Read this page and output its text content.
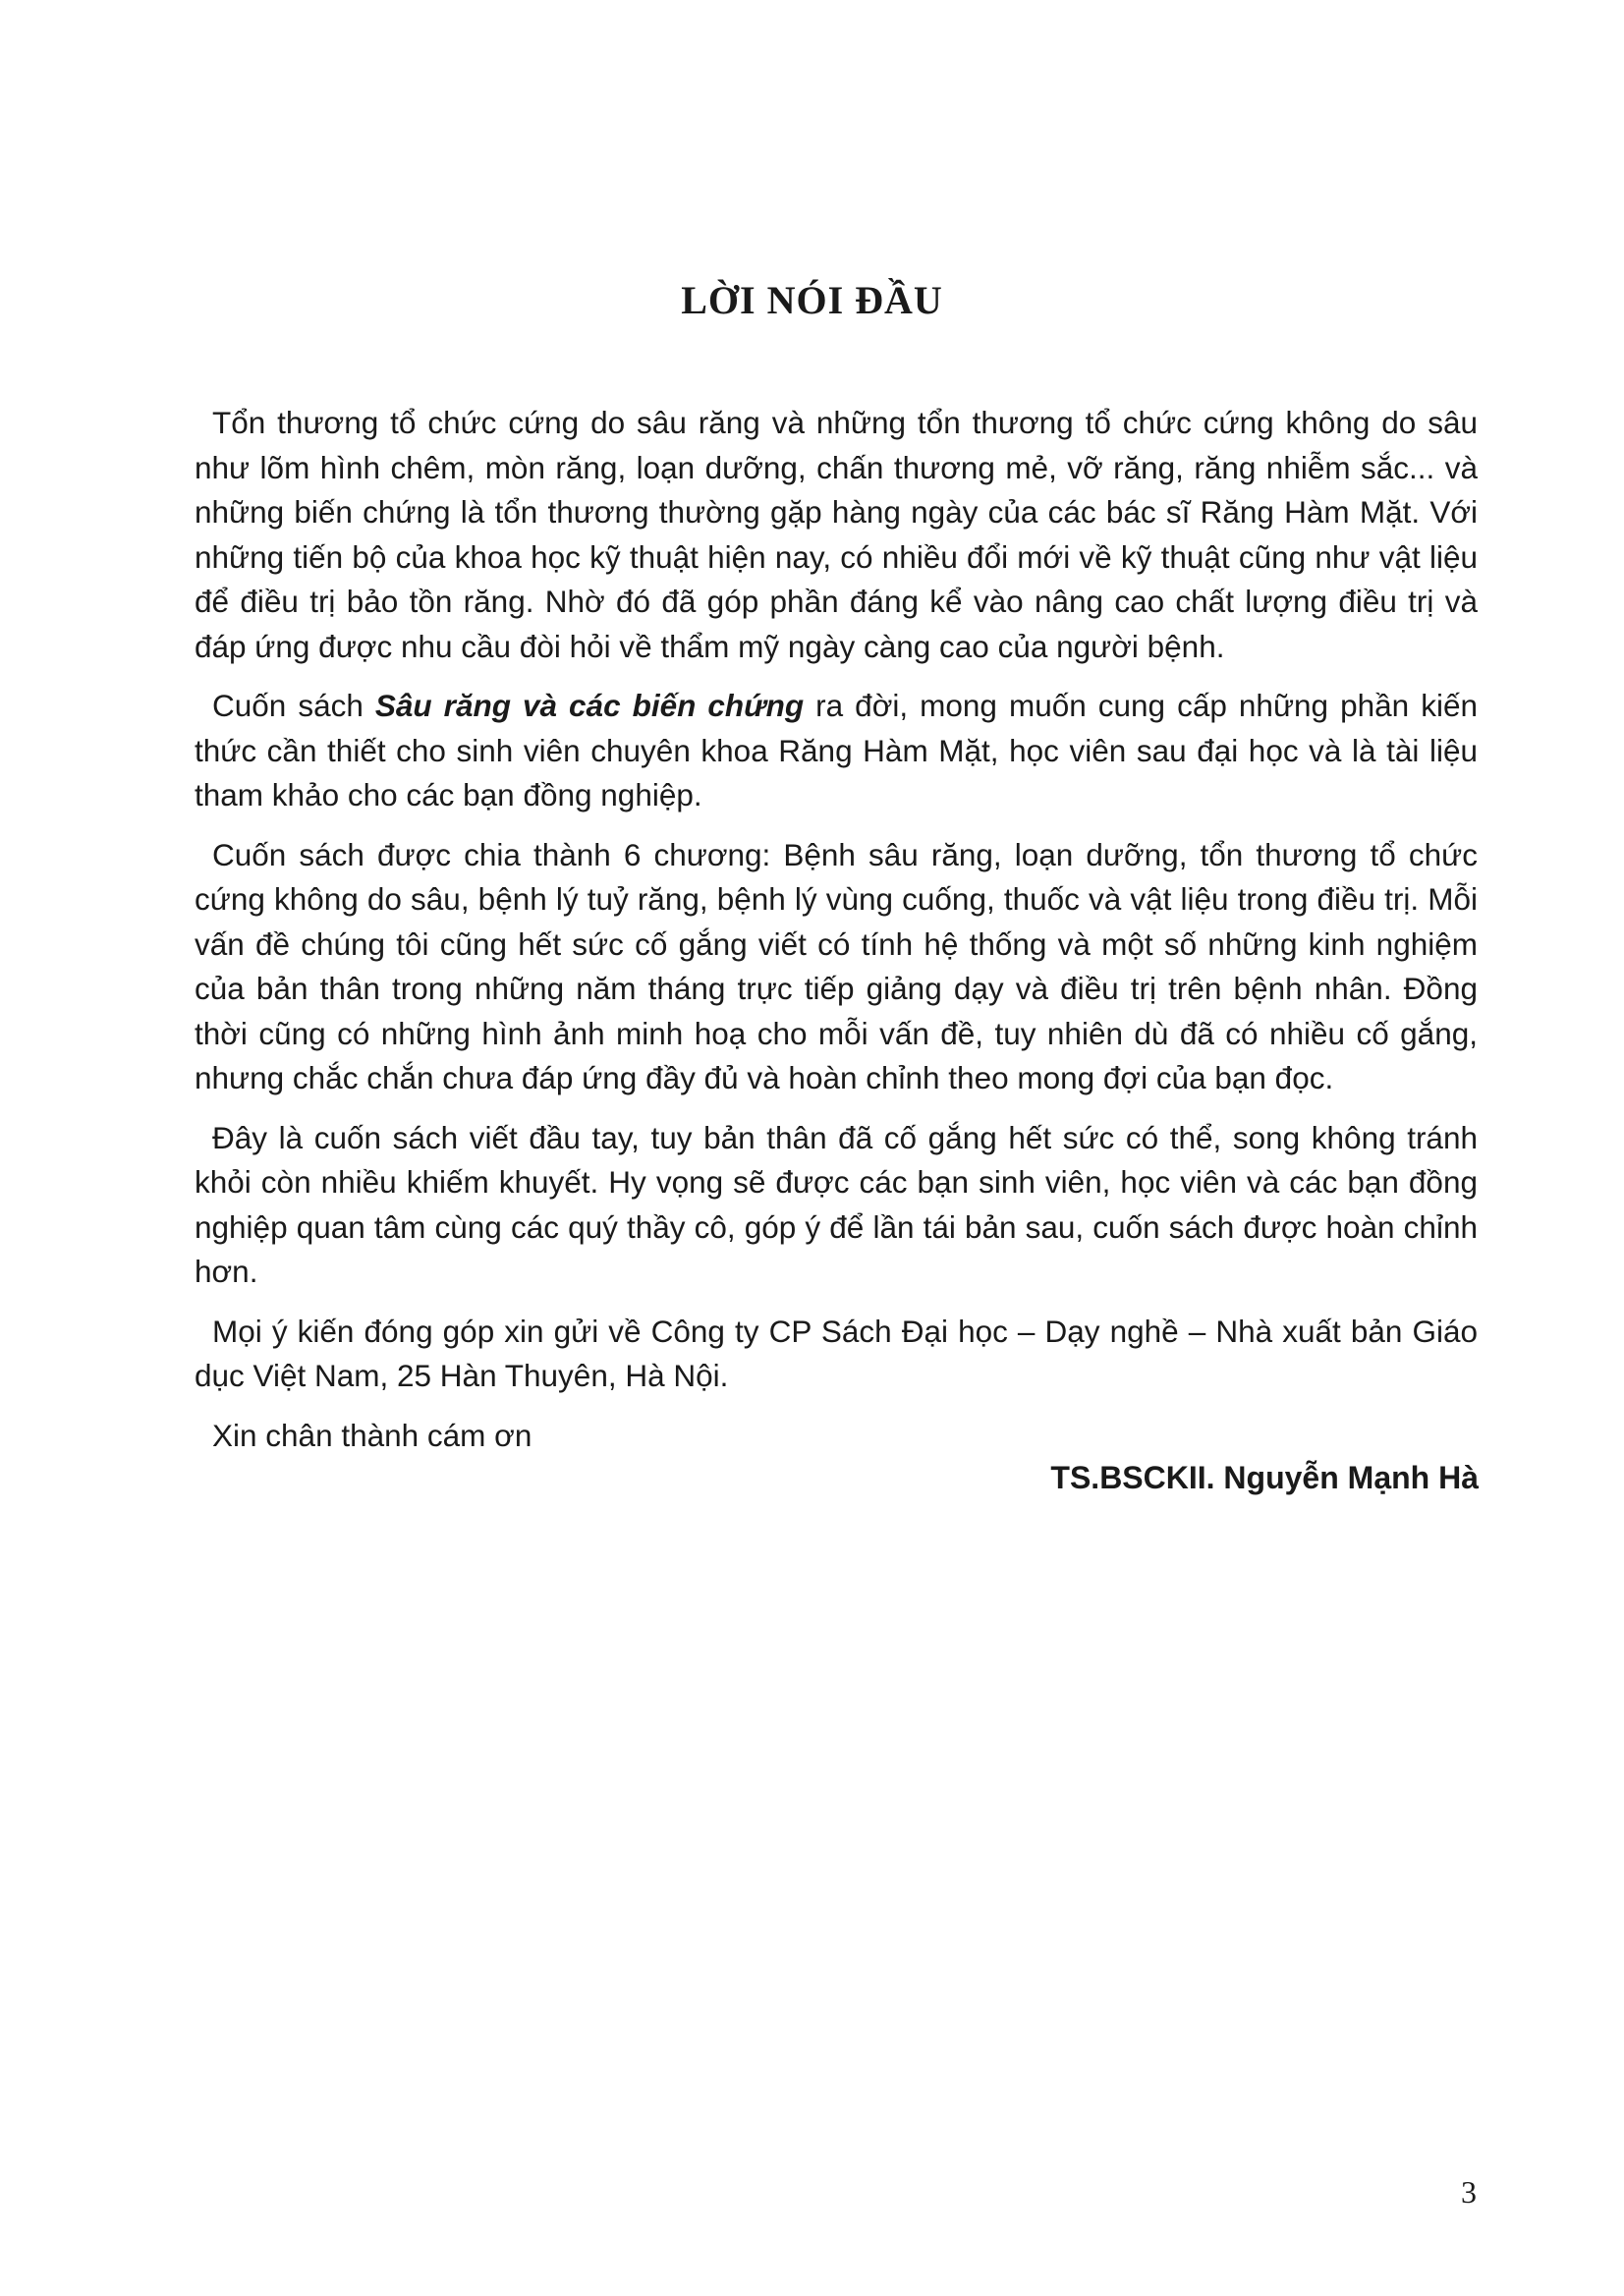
LỜI NÓI ĐẦU

Tổn thương tổ chức cứng do sâu răng và những tổn thương tổ chức cứng không do sâu như lõm hình chêm, mòn răng, loạn dưỡng, chấn thương mẻ, vỡ răng, răng nhiễm sắc... và những biến chứng là tổn thương thường gặp hàng ngày của các bác sĩ Răng Hàm Mặt. Với những tiến bộ của khoa học kỹ thuật hiện nay, có nhiều đổi mới về kỹ thuật cũng như vật liệu để điều trị bảo tồn răng. Nhờ đó đã góp phần đáng kể vào nâng cao chất lượng điều trị và đáp ứng được nhu cầu đòi hỏi về thẩm mỹ ngày càng cao của người bệnh.

Cuốn sách Sâu răng và các biến chứng ra đời, mong muốn cung cấp những phần kiến thức cần thiết cho sinh viên chuyên khoa Răng Hàm Mặt, học viên sau đại học và là tài liệu tham khảo cho các bạn đồng nghiệp.

Cuốn sách được chia thành 6 chương: Bệnh sâu răng, loạn dưỡng, tổn thương tổ chức cứng không do sâu, bệnh lý tuỷ răng, bệnh lý vùng cuống, thuốc và vật liệu trong điều trị. Mỗi vấn đề chúng tôi cũng hết sức cố gắng viết có tính hệ thống và một số những kinh nghiệm của bản thân trong những năm tháng trực tiếp giảng dạy và điều trị trên bệnh nhân. Đồng thời cũng có những hình ảnh minh hoạ cho mỗi vấn đề, tuy nhiên dù đã có nhiều cố gắng, nhưng chắc chắn chưa đáp ứng đầy đủ và hoàn chỉnh theo mong đợi của bạn đọc.

Đây là cuốn sách viết đầu tay, tuy bản thân đã cố gắng hết sức có thể, song không tránh khỏi còn nhiều khiếm khuyết. Hy vọng sẽ được các bạn sinh viên, học viên và các bạn đồng nghiệp quan tâm cùng các quý thầy cô, góp ý để lần tái bản sau, cuốn sách được hoàn chỉnh hơn.

Mọi ý kiến đóng góp xin gửi về Công ty CP Sách Đại học – Dạy nghề – Nhà xuất bản Giáo dục Việt Nam, 25 Hàn Thuyên, Hà Nội.

Xin chân thành cám ơn

TS.BSCKII. Nguyễn Mạnh Hà

3
